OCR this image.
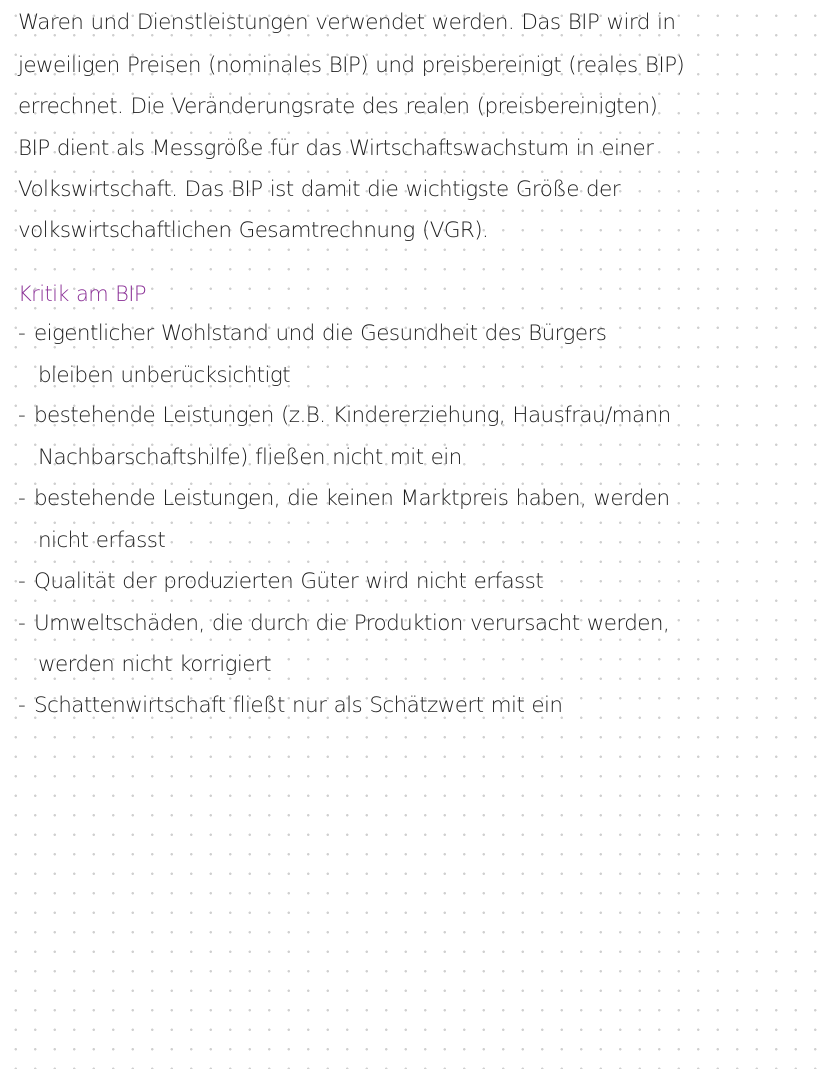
Waren und Dienstleistungen verwendet werden. Das BIP wird in
jeweiligen Preisen (nominales BIP) und preisbereinigt (reales BIP)
errechnet. Die Veränderungsrate des realen (preisbereinigten)
BIP dient als Messgröße für das Wirtschaftswachstum in einer
Volkswirtschaft. Das BIP ist damit die wichtigste Größe der
volkswirtschaftlichen Gesamtrechnung (VGR).
Kritik am BIP
- eigentlicher Wohlstand und die Gesundheit des Bürgers
bleiben unberücksichtigt
- bestehende Leistungen (z.B. Kindererziehung, Hausfrau/mann
Nachbarschaftshilfe) fließen nicht mit ein
- bestehende Leistungen, die keinen Marktpreis haben, werden
nicht erfasst
- Qualität der produzierten Güter wird nicht erfasst
- Umweltschäden, die durch die Produktion verursacht werden,
werden nicht korrigiert
- Schattenwirtschaft fließt nur als Schätzwert mit ein
